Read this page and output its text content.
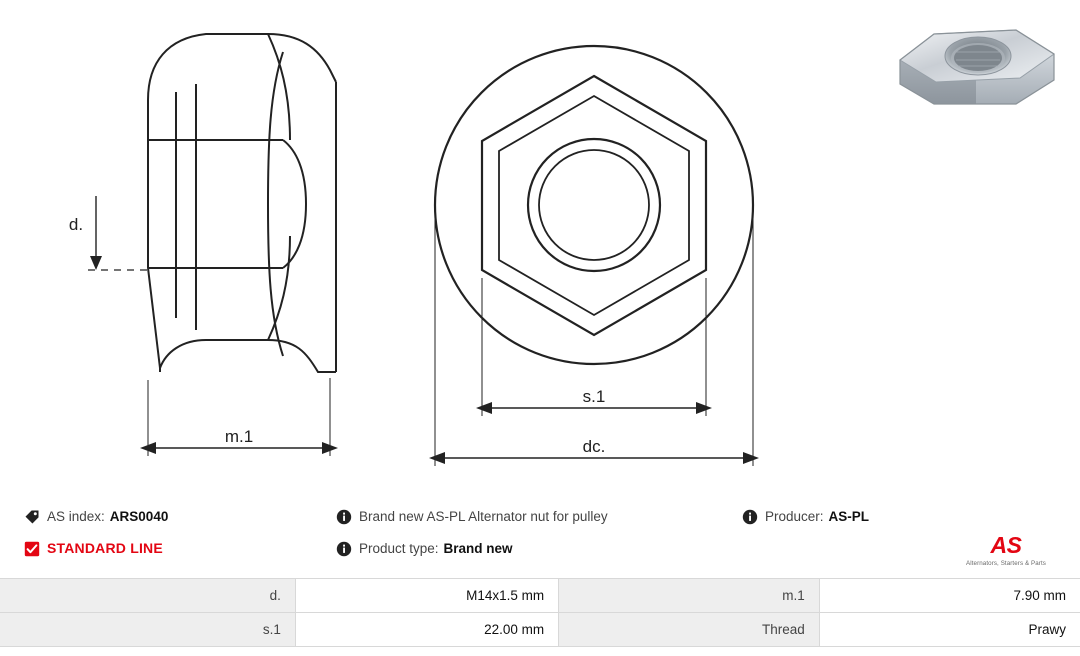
d.
m.1
s.1
dc.
AS index: ARS0040	Brand new AS-PL Alternator nut for pulley	Producer: AS-PL
STANDARD LINE	Product type: Brand new	AS
Alternators, Starters & Parts
d.	M14x1.5 mm	m.1	7.90 mm
s.1	22.00 mm	Thread	Prawy
